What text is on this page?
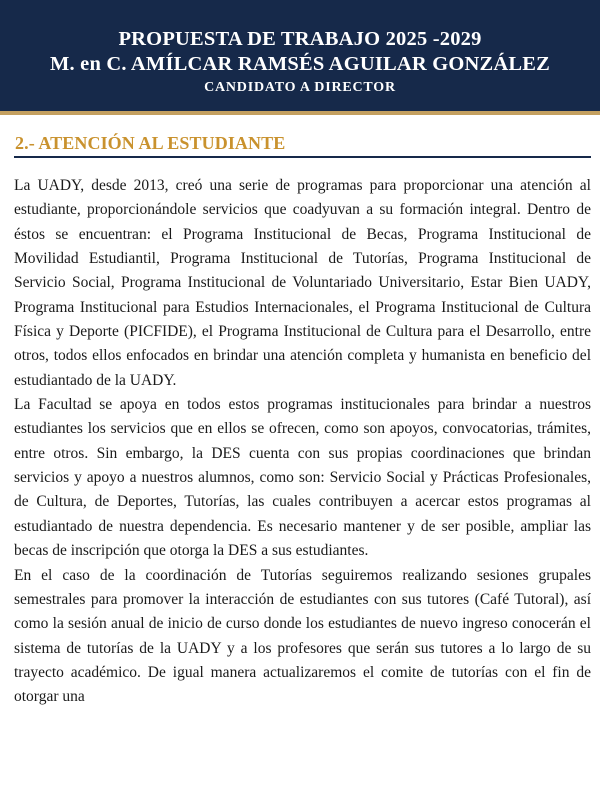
PROPUESTA DE TRABAJO 2025 -2029
M. en C. AMÍLCAR RAMSÉS AGUILAR GONZÁLEZ
CANDIDATO A DIRECTOR
2.- ATENCIÓN AL ESTUDIANTE

La UADY, desde 2013, creó una serie de programas para proporcionar una atención al estudiante, proporcionándole servicios que coadyuvan a su formación integral. Dentro de éstos se encuentran: el Programa Institucional de Becas, Programa Institucional de Movilidad Estudiantil, Programa Institucional de Tutorías, Programa Institucional de Servicio Social, Programa Institucional de Voluntariado Universitario, Estar Bien UADY, Programa Institucional para Estudios Internacionales, el Programa Institucional de Cultura Física y Deporte (PICFIDE), el Programa Institucional de Cultura para el Desarrollo, entre otros, todos ellos enfocados en brindar una atención completa y humanista en beneficio del estudiantado de la UADY.

La Facultad se apoya en todos estos programas institucionales para brindar a nuestros estudiantes los servicios que en ellos se ofrecen, como son apoyos, convocatorias, trámites, entre otros. Sin embargo, la DES cuenta con sus propias coordinaciones que brindan servicios y apoyo a nuestros alumnos, como son: Servicio Social y Prácticas Profesionales, de Cultura, de Deportes, Tutorías, las cuales contribuyen a acercar estos programas al estudiantado de nuestra dependencia. Es necesario mantener y de ser posible, ampliar las becas de inscripción que otorga la DES a sus estudiantes.

En el caso de la coordinación de Tutorías seguiremos realizando sesiones grupales semestrales para promover la interacción de estudiantes con sus tutores (Café Tutoral), así como la sesión anual de inicio de curso donde los estudiantes de nuevo ingreso conocerán el sistema de tutorías de la UADY y a los profesores que serán sus tutores a lo largo de su trayecto académico. De igual manera actualizaremos el comite de tutorías con el fin de otorgar una
